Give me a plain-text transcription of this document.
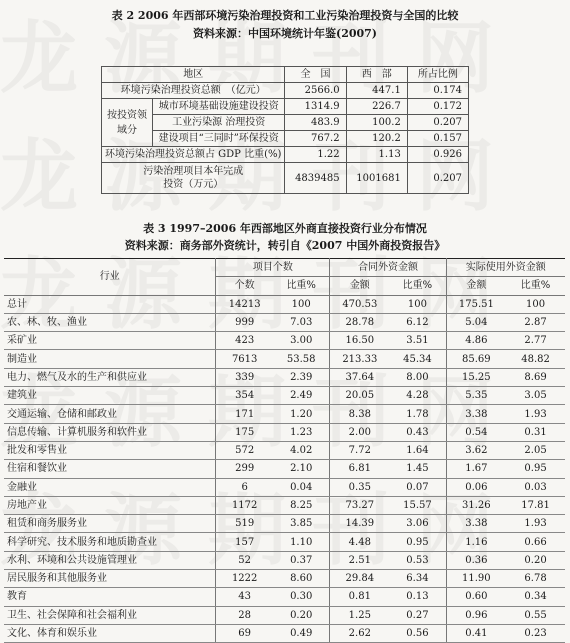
表 2 2006 年西部环境污染治理投资和工业污染治理投资与全国的比较
资料来源：中国环境统计年鉴(2007)
地区		全　国	西　部	所占比例
环境污染治理投资总额　（亿元）		2566.0	447.1	0.174
按投资领域分	城市环境基础设施建设投资	1314.9	226.7	0.172
	工业污染源 治理投资	483.9	100.2	0.207
	建设项目“三同时”环保投资	767.2	120.2	0.157
环境污染治理投资总额占 GDP 比重(%)		1.22	1.13	0.926
污染治理项目本年完成投资（万元）		4839485	1001681	0.207
表 3 1997–2006 年西部地区外商直接投资行业分布情况
资料来源：商务部外资统计，转引自《2007 中国外商投资报告》
行业	项目个数		合同外资金额		实际使用外资金额	
	个数	比重%	金额	比重%	金额	比重%
总计	14213	100	470.53	100	175.51	100
农、林、牧、渔业	999	7.03	28.78	6.12	5.04	2.87
采矿业	423	3.00	16.50	3.51	4.86	2.77
制造业	7613	53.58	213.33	45.34	85.69	48.82
电力、燃气及水的生产和供应业	339	2.39	37.64	8.00	15.25	8.69
建筑业	354	2.49	20.05	4.28	5.35	3.05
交通运输、仓储和邮政业	171	1.20	8.38	1.78	3.38	1.93
信息传输、计算机服务和软件业	175	1.23	2.00	0.43	0.54	0.31
批发和零售业	572	4.02	7.72	1.64	3.62	2.05
住宿和餐饮业	299	2.10	6.81	1.45	1.67	0.95
金融业	6	0.04	0.35	0.07	0.06	0.03
房地产业	1172	8.25	73.27	15.57	31.26	17.81
租赁和商务服务业	519	3.85	14.39	3.06	3.38	1.93
科学研究、技术服务和地质勘查业	157	1.10	4.48	0.95	1.16	0.66
水利、环境和公共设施管理业	52	0.37	2.51	0.53	0.36	0.20
居民服务和其他服务业	1222	8.60	29.84	6.34	11.90	6.78
教育	43	0.30	0.81	0.13	0.60	0.34
卫生、社会保障和社会福利业	28	0.20	1.25	0.27	0.96	0.55
文化、体育和娱乐业	69	0.49	2.62	0.56	0.41	0.23
